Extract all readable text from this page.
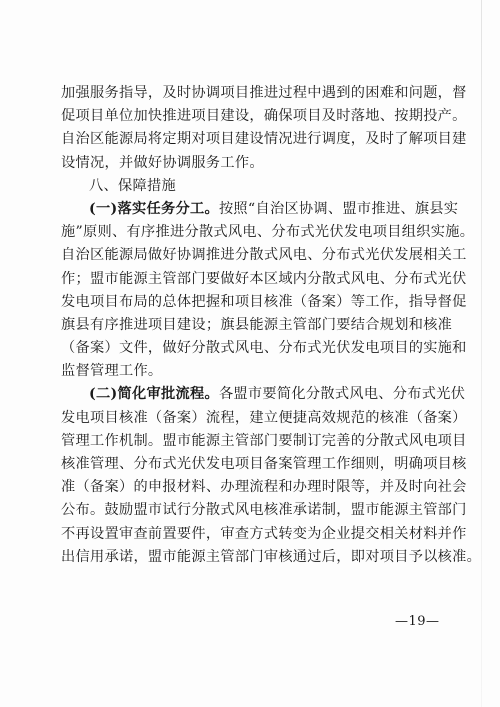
加强服务指导，及时协调项目推进过程中遇到的困难和问题，督
促项目单位加快推进项目建设，确保项目及时落地、按期投产。
自治区能源局将定期对项目建设情况进行调度，及时了解项目建
设情况，并做好协调服务工作。
八、保障措施
(一)落实任务分工。按照“自治区协调、盟市推进、旗县实
施”原则、有序推进分散式风电、分布式光伏发电项目组织实施。
自治区能源局做好协调推进分散式风电、分布式光伏发展相关工
作；盟市能源主管部门要做好本区域内分散式风电、分布式光伏
发电项目布局的总体把握和项目核准（备案）等工作，指导督促
旗县有序推进项目建设；旗县能源主管部门要结合规划和核准
（备案）文件，做好分散式风电、分布式光伏发电项目的实施和
监督管理工作。
(二)简化审批流程。各盟市要简化分散式风电、分布式光伏
发电项目核准（备案）流程，建立便捷高效规范的核准（备案）
管理工作机制。盟市能源主管部门要制订完善的分散式风电项目
核准管理、分布式光伏发电项目备案管理工作细则，明确项目核
准（备案）的申报材料、办理流程和办理时限等，并及时向社会
公布。鼓励盟市试行分散式风电核准承诺制，盟市能源主管部门
不再设置审查前置要件，审查方式转变为企业提交相关材料并作
出信用承诺，盟市能源主管部门审核通过后，即对项目予以核准。
—19—
